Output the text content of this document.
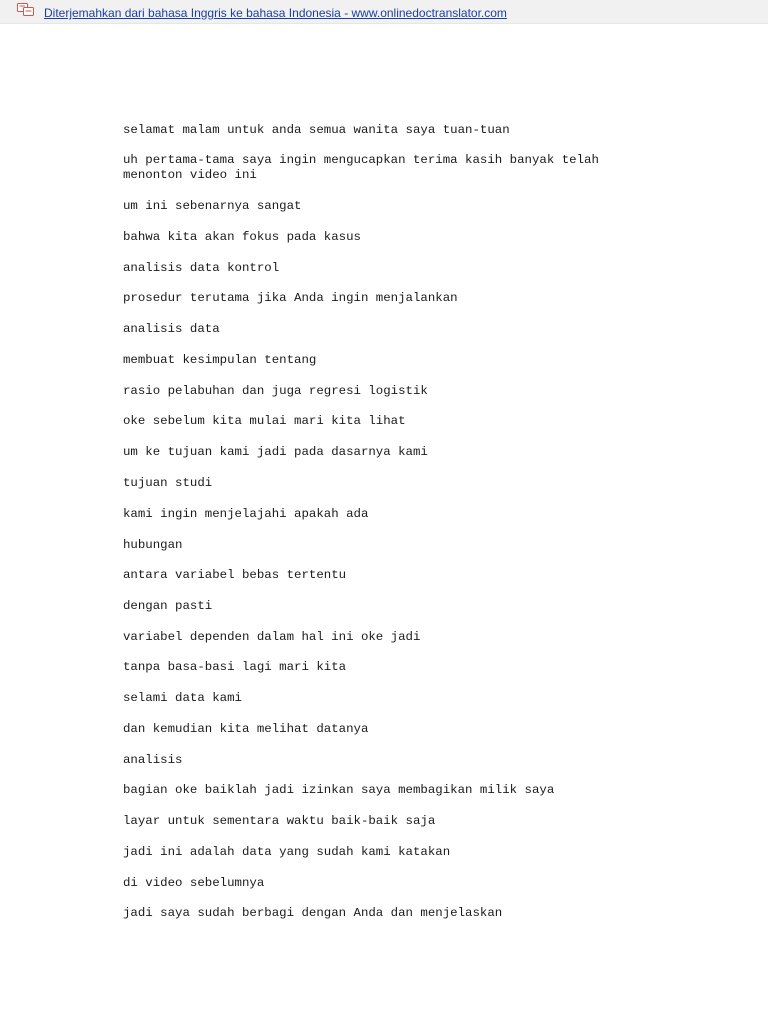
Diterjemahkan dari bahasa Inggris ke bahasa Indonesia - www.onlinedoctranslator.com

selamat malam untuk anda semua wanita saya tuan-tuan

uh pertama-tama saya ingin mengucapkan terima kasih banyak telah
menonton video ini

um ini sebenarnya sangat

bahwa kita akan fokus pada kasus

analisis data kontrol

prosedur terutama jika Anda ingin menjalankan

analisis data

membuat kesimpulan tentang

rasio pelabuhan dan juga regresi logistik

oke sebelum kita mulai mari kita lihat

um ke tujuan kami jadi pada dasarnya kami

tujuan studi

kami ingin menjelajahi apakah ada

hubungan

antara variabel bebas tertentu

dengan pasti

variabel dependen dalam hal ini oke jadi

tanpa basa-basi lagi mari kita

selami data kami

dan kemudian kita melihat datanya

analisis

bagian oke baiklah jadi izinkan saya membagikan milik saya

layar untuk sementara waktu baik-baik saja

jadi ini adalah data yang sudah kami katakan

di video sebelumnya

jadi saya sudah berbagi dengan Anda dan menjelaskan
